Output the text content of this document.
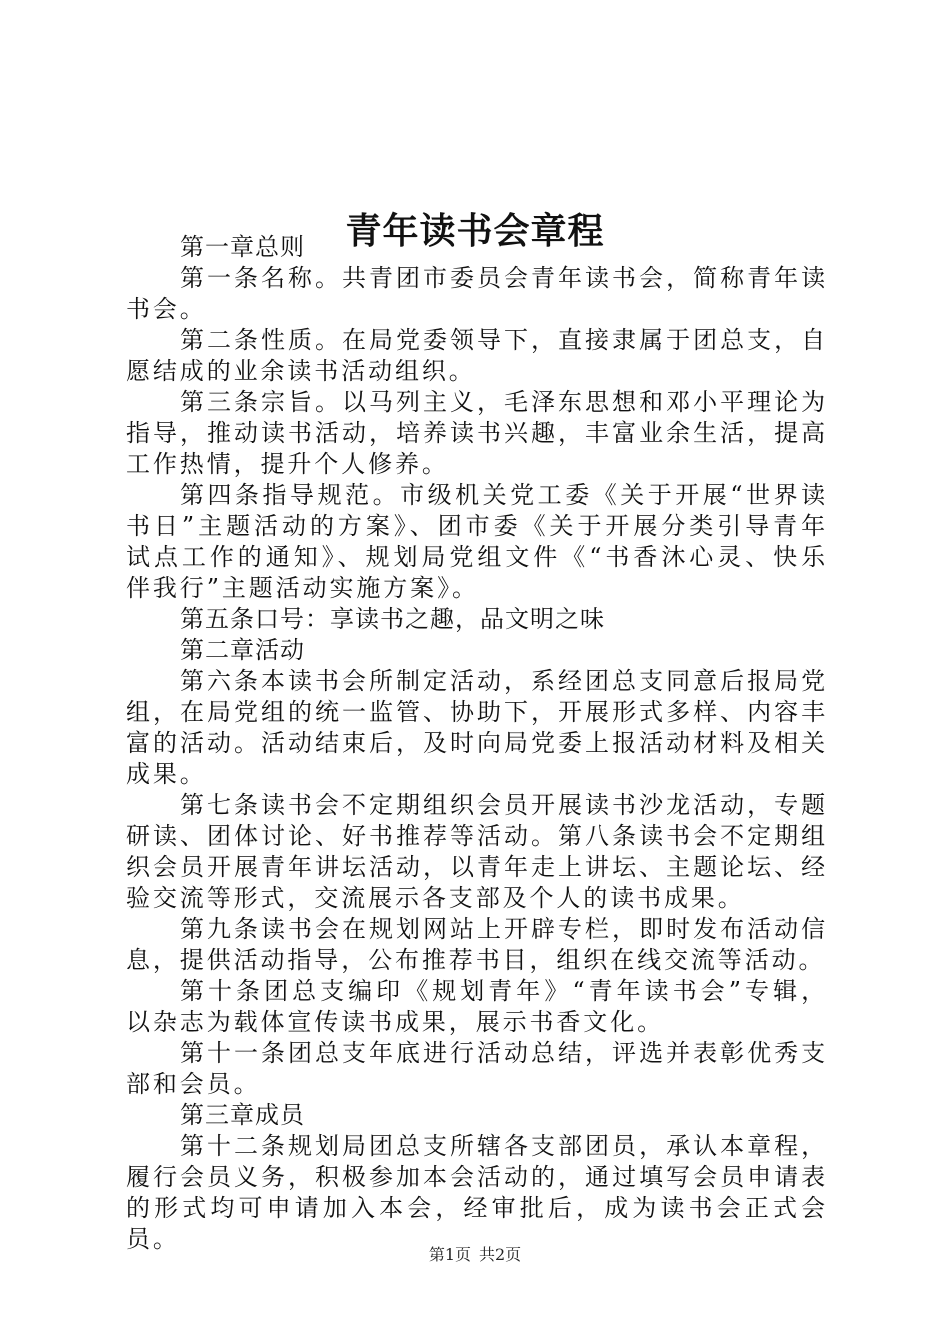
青年读书会章程

第一章总则

第一条名称。共青团市委员会青年读书会，简称青年读书会。

第二条性质。在局党委领导下，直接隶属于团总支，自愿结成的业余读书活动组织。

第三条宗旨。以马列主义，毛泽东思想和邓小平理论为指导，推动读书活动，培养读书兴趣，丰富业余生活，提高工作热情，提升个人修养。

第四条指导规范。市级机关党工委《关于开展“世界读书日”主题活动的方案》、团市委《关于开展分类引导青年试点工作的通知》、规划局党组文件《“书香沐心灵、快乐伴我行”主题活动实施方案》。

第五条口号：享读书之趣，品文明之味

第二章活动

第六条本读书会所制定活动，系经团总支同意后报局党组，在局党组的统一监管、协助下，开展形式多样、内容丰富的活动。活动结束后，及时向局党委上报活动材料及相关成果。

第七条读书会不定期组织会员开展读书沙龙活动，专题研读、团体讨论、好书推荐等活动。第八条读书会不定期组织会员开展青年讲坛活动，以青年走上讲坛、主题论坛、经验交流等形式，交流展示各支部及个人的读书成果。

第九条读书会在规划网站上开辟专栏，即时发布活动信息，提供活动指导，公布推荐书目，组织在线交流等活动。

第十条团总支编印《规划青年》“青年读书会”专辑，以杂志为载体宣传读书成果，展示书香文化。

第十一条团总支年底进行活动总结，评选并表彰优秀支部和会员。

第三章成员

第十二条规划局团总支所辖各支部团员，承认本章程，履行会员义务，积极参加本会活动的，通过填写会员申请表的形式均可申请加入本会，经审批后，成为读书会正式会员。

第1页 共2页
